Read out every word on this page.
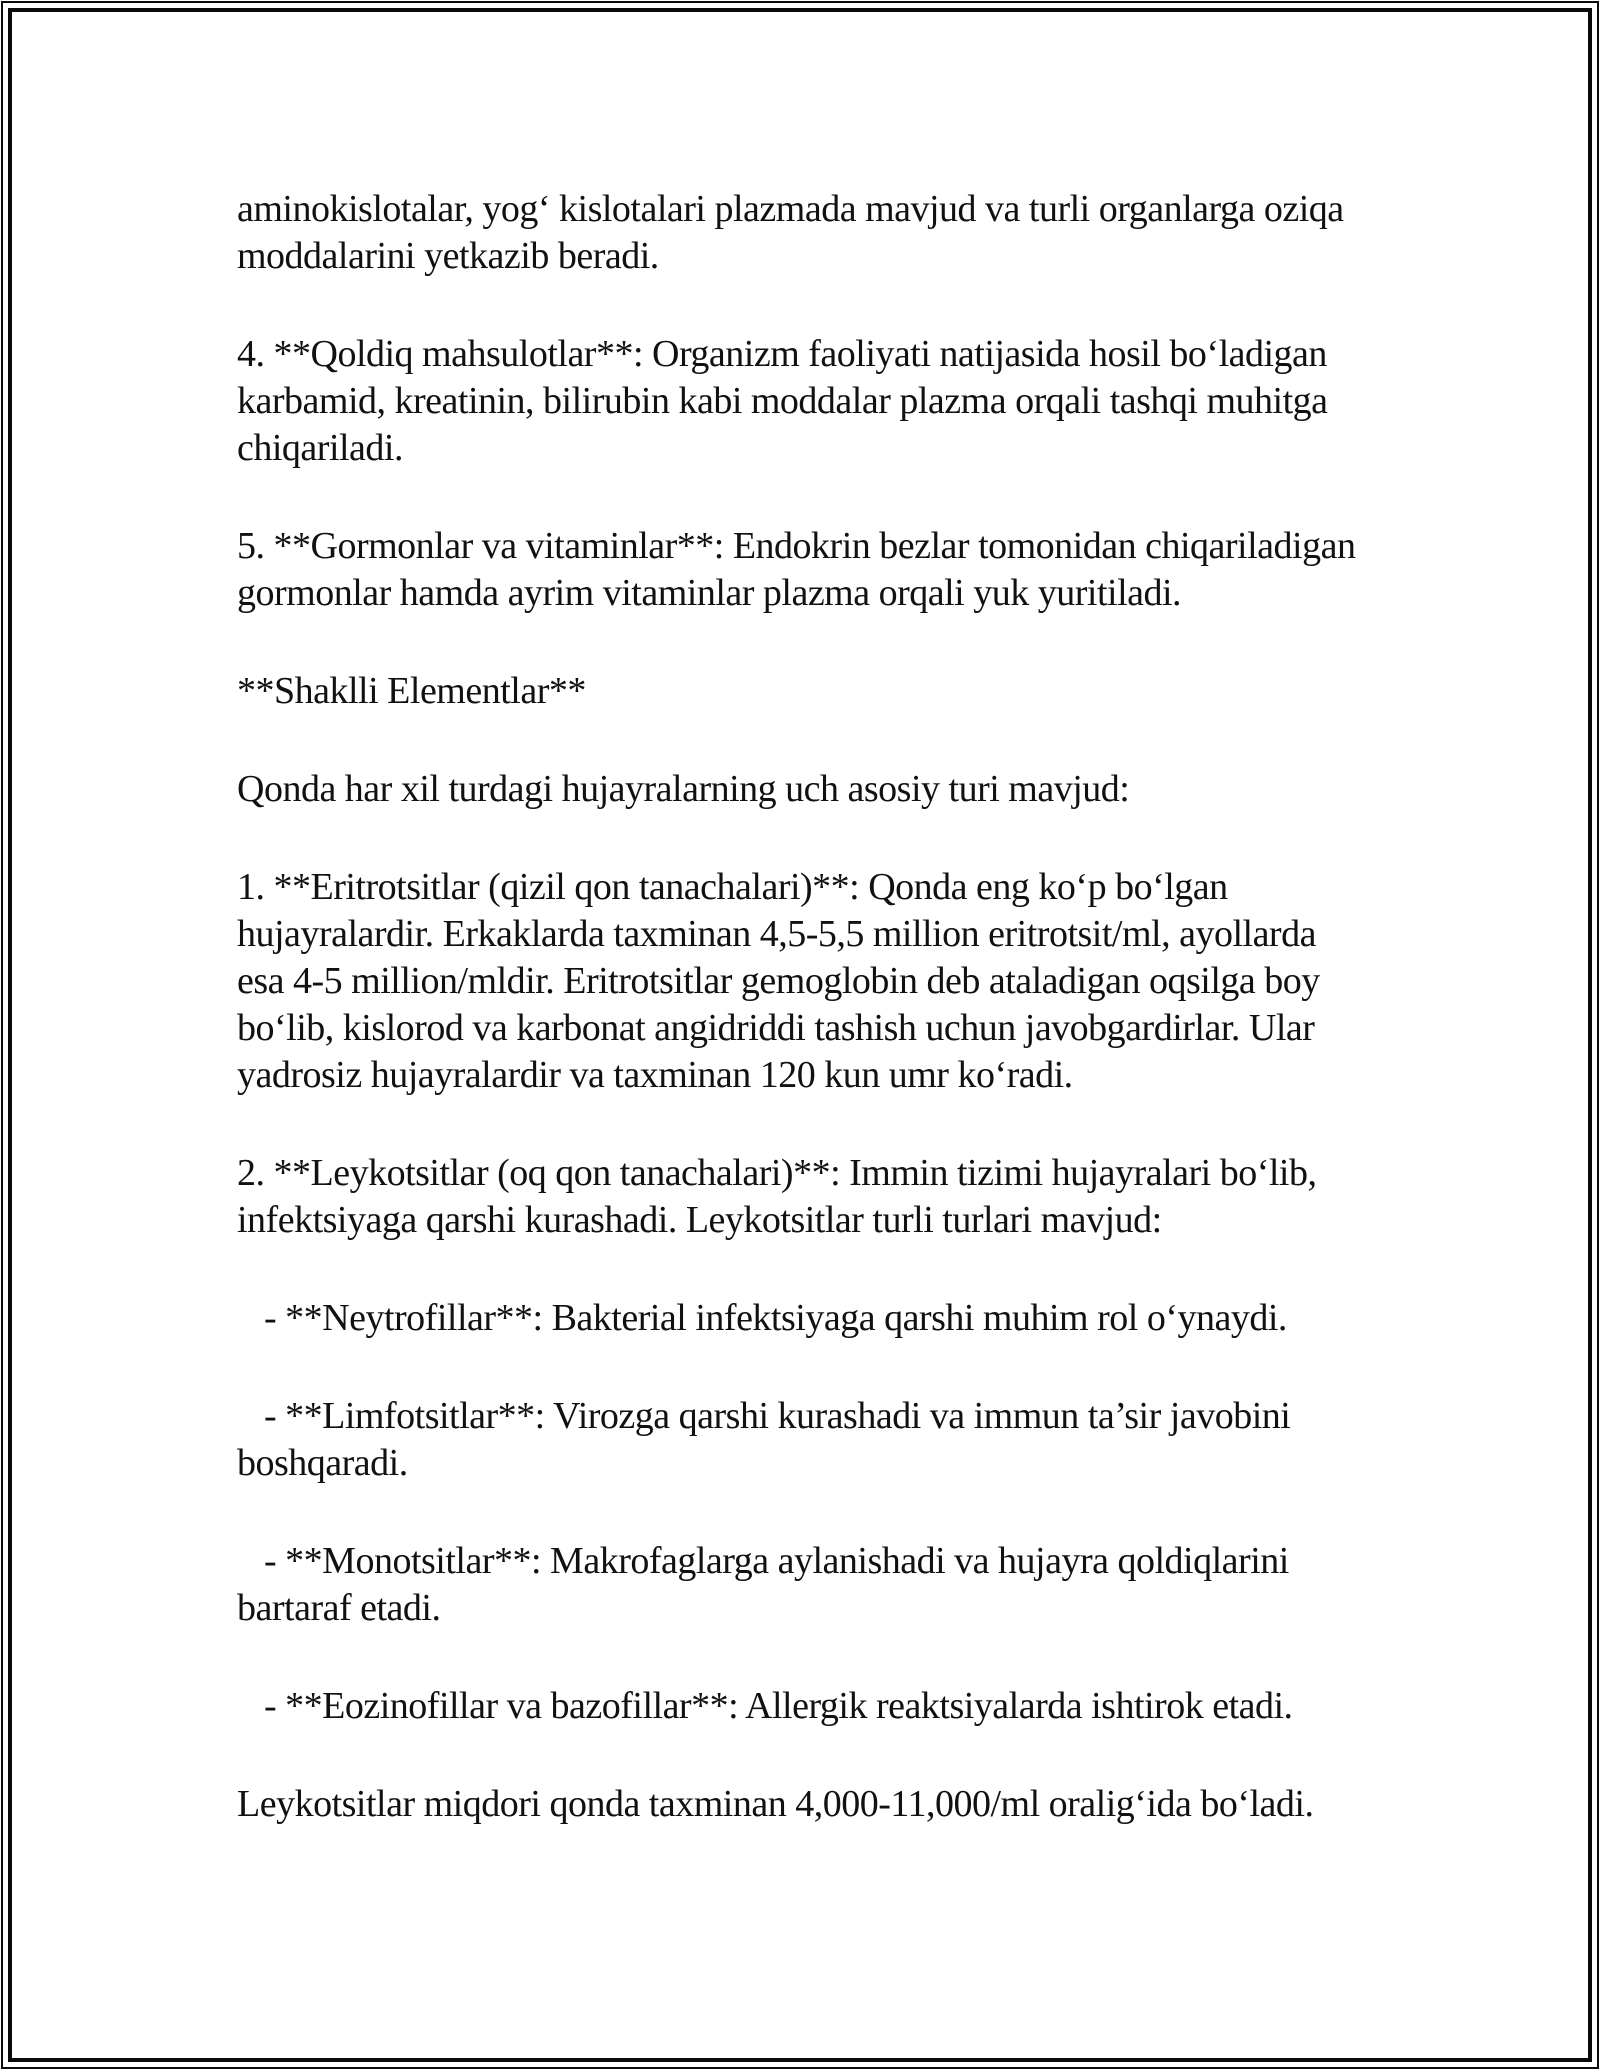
aminokislotalar, yog‘ kislotalari plazmada mavjud va turli organlarga oziqa
moddalarini yetkazib beradi.
4. **Qoldiq mahsulotlar**: Organizm faoliyati natijasida hosil bo‘ladigan
karbamid, kreatinin, bilirubin kabi moddalar plazma orqali tashqi muhitga
chiqariladi.
5. **Gormonlar va vitaminlar**: Endokrin bezlar tomonidan chiqariladigan
gormonlar hamda ayrim vitaminlar plazma orqali yuk yuritiladi.
**Shaklli Elementlar**
Qonda har xil turdagi hujayralarning uch asosiy turi mavjud:
1. **Eritrotsitlar (qizil qon tanachalari)**: Qonda eng ko‘p bo‘lgan
hujayralardir. Erkaklarda taxminan 4,5-5,5 million eritrotsit/ml, ayollarda
esa 4-5 million/mldir. Eritrotsitlar gemoglobin deb ataladigan oqsilga boy
bo‘lib, kislorod va karbonat angidriddi tashish uchun javobgardirlar. Ular
yadrosiz hujayralardir va taxminan 120 kun umr ko‘radi.
2. **Leykotsitlar (oq qon tanachalari)**: Immin tizimi hujayralari bo‘lib,
infektsiyaga qarshi kurashadi. Leykotsitlar turli turlari mavjud:
- **Neytrofillar**: Bakterial infektsiyaga qarshi muhim rol o‘ynaydi.
- **Limfotsitlar**: Virozga qarshi kurashadi va immun ta’sir javobini
boshqaradi.
- **Monotsitlar**: Makrofaglarga aylanishadi va hujayra qoldiqlarini
bartaraf etadi.
- **Eozinofillar va bazofillar**: Allergik reaktsiyalarda ishtirok etadi.
Leykotsitlar miqdori qonda taxminan 4,000-11,000/ml oralig‘ida bo‘ladi.
